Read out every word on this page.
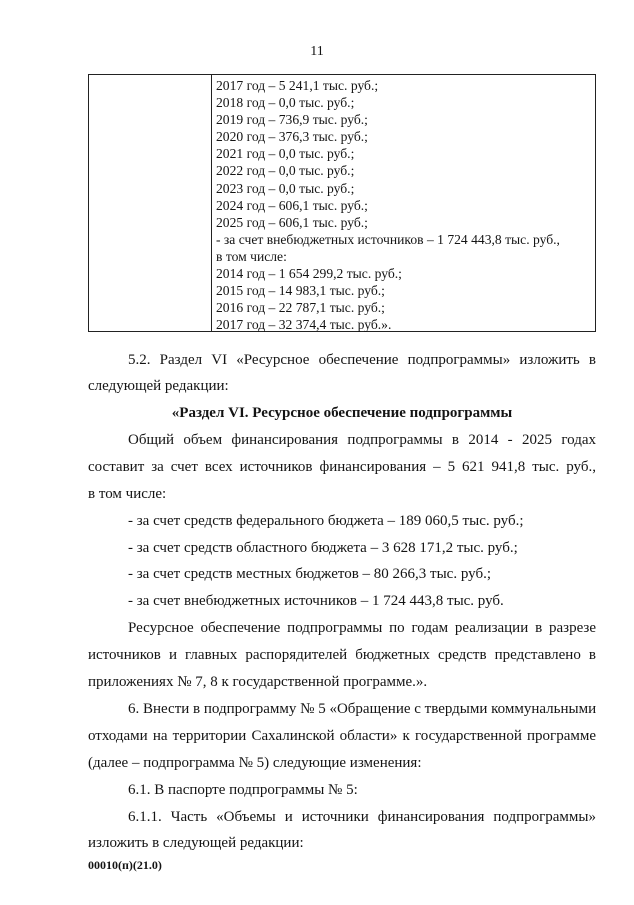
11
2017 год – 5 241,1 тыс. руб.;
2018 год – 0,0 тыс. руб.;
2019 год – 736,9 тыс. руб.;
2020 год – 376,3 тыс. руб.;
2021 год – 0,0 тыс. руб.;
2022 год – 0,0 тыс. руб.;
2023 год – 0,0 тыс. руб.;
2024 год – 606,1 тыс. руб.;
2025 год – 606,1 тыс. руб.;
- за счет внебюджетных источников – 1 724 443,8 тыс. руб.,
в том числе:
2014 год – 1 654 299,2 тыс. руб.;
2015 год – 14 983,1 тыс. руб.;
2016 год – 22 787,1 тыс. руб.;
2017 год – 32 374,4 тыс. руб.».
5.2. Раздел VI «Ресурсное обеспечение подпрограммы» изложить в
следующей редакции:
«Раздел VI. Ресурсное обеспечение подпрограммы
Общий объем финансирования подпрограммы в 2014 - 2025 годах
составит за счет всех источников финансирования – 5 621 941,8 тыс. руб.,
в том числе:
- за счет средств федерального бюджета – 189 060,5 тыс. руб.;
- за счет средств областного бюджета – 3 628 171,2 тыс. руб.;
- за счет средств местных бюджетов – 80 266,3 тыс. руб.;
- за счет внебюджетных источников – 1 724 443,8 тыс. руб.
Ресурсное обеспечение подпрограммы по годам реализации в разрезе
источников и главных распорядителей бюджетных средств представлено в
приложениях № 7, 8 к государственной программе.».
6. Внести в подпрограмму № 5 «Обращение с твердыми коммунальными
отходами на территории Сахалинской области» к государственной программе
(далее – подпрограмма № 5) следующие изменения:
6.1. В паспорте подпрограммы № 5:
6.1.1. Часть «Объемы и источники финансирования подпрограммы»
изложить в следующей редакции:
00010(п)(21.0)
